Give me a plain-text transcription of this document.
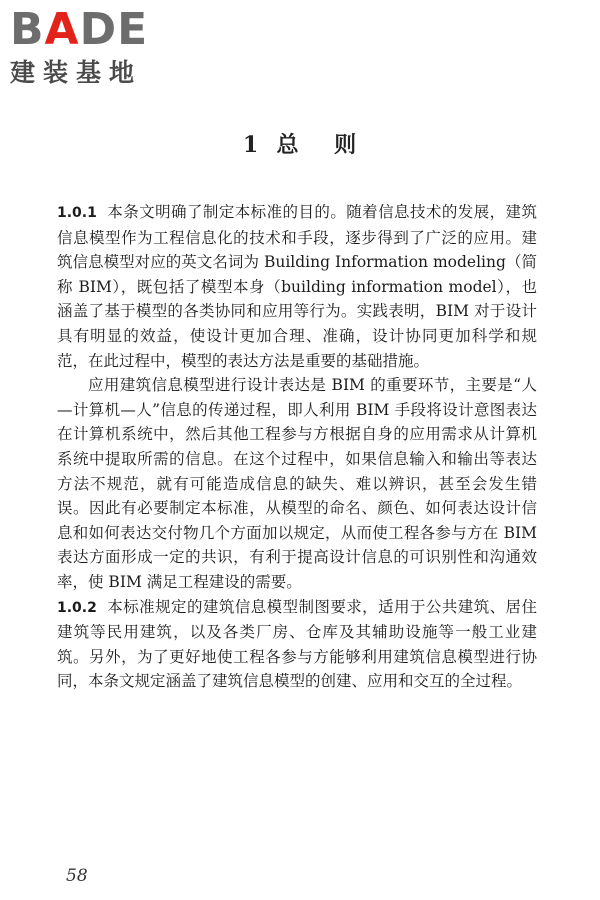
BADE
建装基地
1  总    则

1.0.1 本条文明确了制定本标准的目的。随着信息技术的发展，建筑信息模型作为工程信息化的技术和手段，逐步得到了广泛的应用。建筑信息模型对应的英文名词为 Building Information modeling（简称 BIM），既包括了模型本身（building information model），也涵盖了基于模型的各类协同和应用等行为。实践表明，BIM 对于设计具有明显的效益，使设计更加合理、准确，设计协同更加科学和规范，在此过程中，模型的表达方法是重要的基础措施。

应用建筑信息模型进行设计表达是 BIM 的重要环节，主要是“人—计算机—人”信息的传递过程，即人利用 BIM 手段将设计意图表达在计算机系统中，然后其他工程参与方根据自身的应用需求从计算机系统中提取所需的信息。在这个过程中，如果信息输入和输出等表达方法不规范，就有可能造成信息的缺失、难以辨识，甚至会发生错误。因此有必要制定本标准，从模型的命名、颜色、如何表达设计信息和如何表达交付物几个方面加以规定，从而使工程各参与方在 BIM 表达方面形成一定的共识，有利于提高设计信息的可识别性和沟通效率，使 BIM 满足工程建设的需要。

1.0.2 本标准规定的建筑信息模型制图要求，适用于公共建筑、居住建筑等民用建筑，以及各类厂房、仓库及其辅助设施等一般工业建筑。另外，为了更好地使工程各参与方能够利用建筑信息模型进行协同，本条文规定涵盖了建筑信息模型的创建、应用和交互的全过程。

58
